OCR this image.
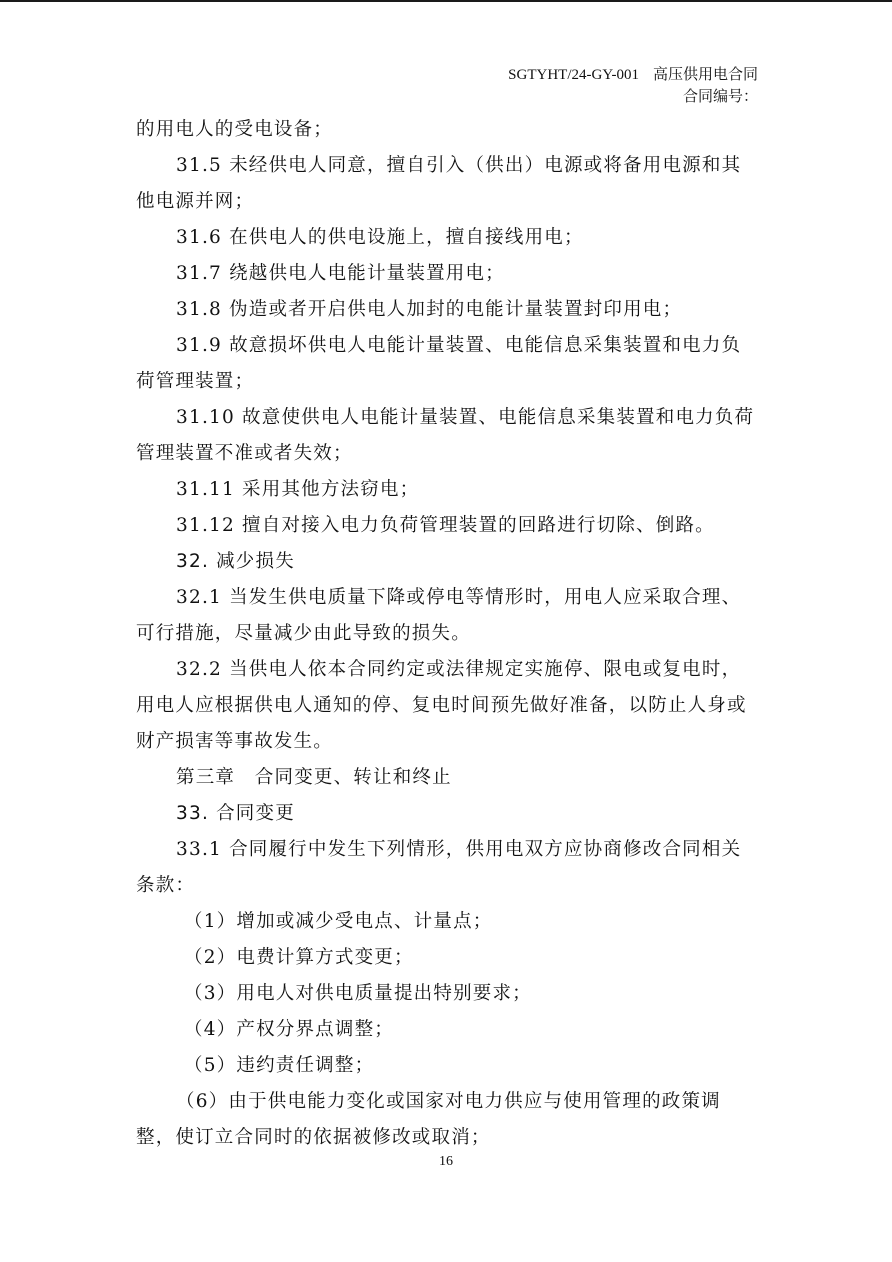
SGTYHT/24-GY-001 高压供用电合同
合同编号：

的用电人的受电设备；

31.5 未经供电人同意，擅自引入（供出）电源或将备用电源和其他电源并网；

31.6 在供电人的供电设施上，擅自接线用电；

31.7 绕越供电人电能计量装置用电；

31.8 伪造或者开启供电人加封的电能计量装置封印用电；

31.9 故意损坏供电人电能计量装置、电能信息采集装置和电力负荷管理装置；

31.10 故意使供电人电能计量装置、电能信息采集装置和电力负荷管理装置不准或者失效；

31.11 采用其他方法窃电；

31.12 擅自对接入电力负荷管理装置的回路进行切除、倒路。

32. 减少损失

32.1 当发生供电质量下降或停电等情形时，用电人应采取合理、可行措施，尽量减少由此导致的损失。

32.2 当供电人依本合同约定或法律规定实施停、限电或复电时，用电人应根据供电人通知的停、复电时间预先做好准备，以防止人身或财产损害等事故发生。

第三章　合同变更、转让和终止

33. 合同变更

33.1 合同履行中发生下列情形，供用电双方应协商修改合同相关条款：

（1）增加或减少受电点、计量点；

（2）电费计算方式变更；

（3）用电人对供电质量提出特别要求；

（4）产权分界点调整；

（5）违约责任调整；

（6）由于供电能力变化或国家对电力供应与使用管理的政策调整，使订立合同时的依据被修改或取消；

16
